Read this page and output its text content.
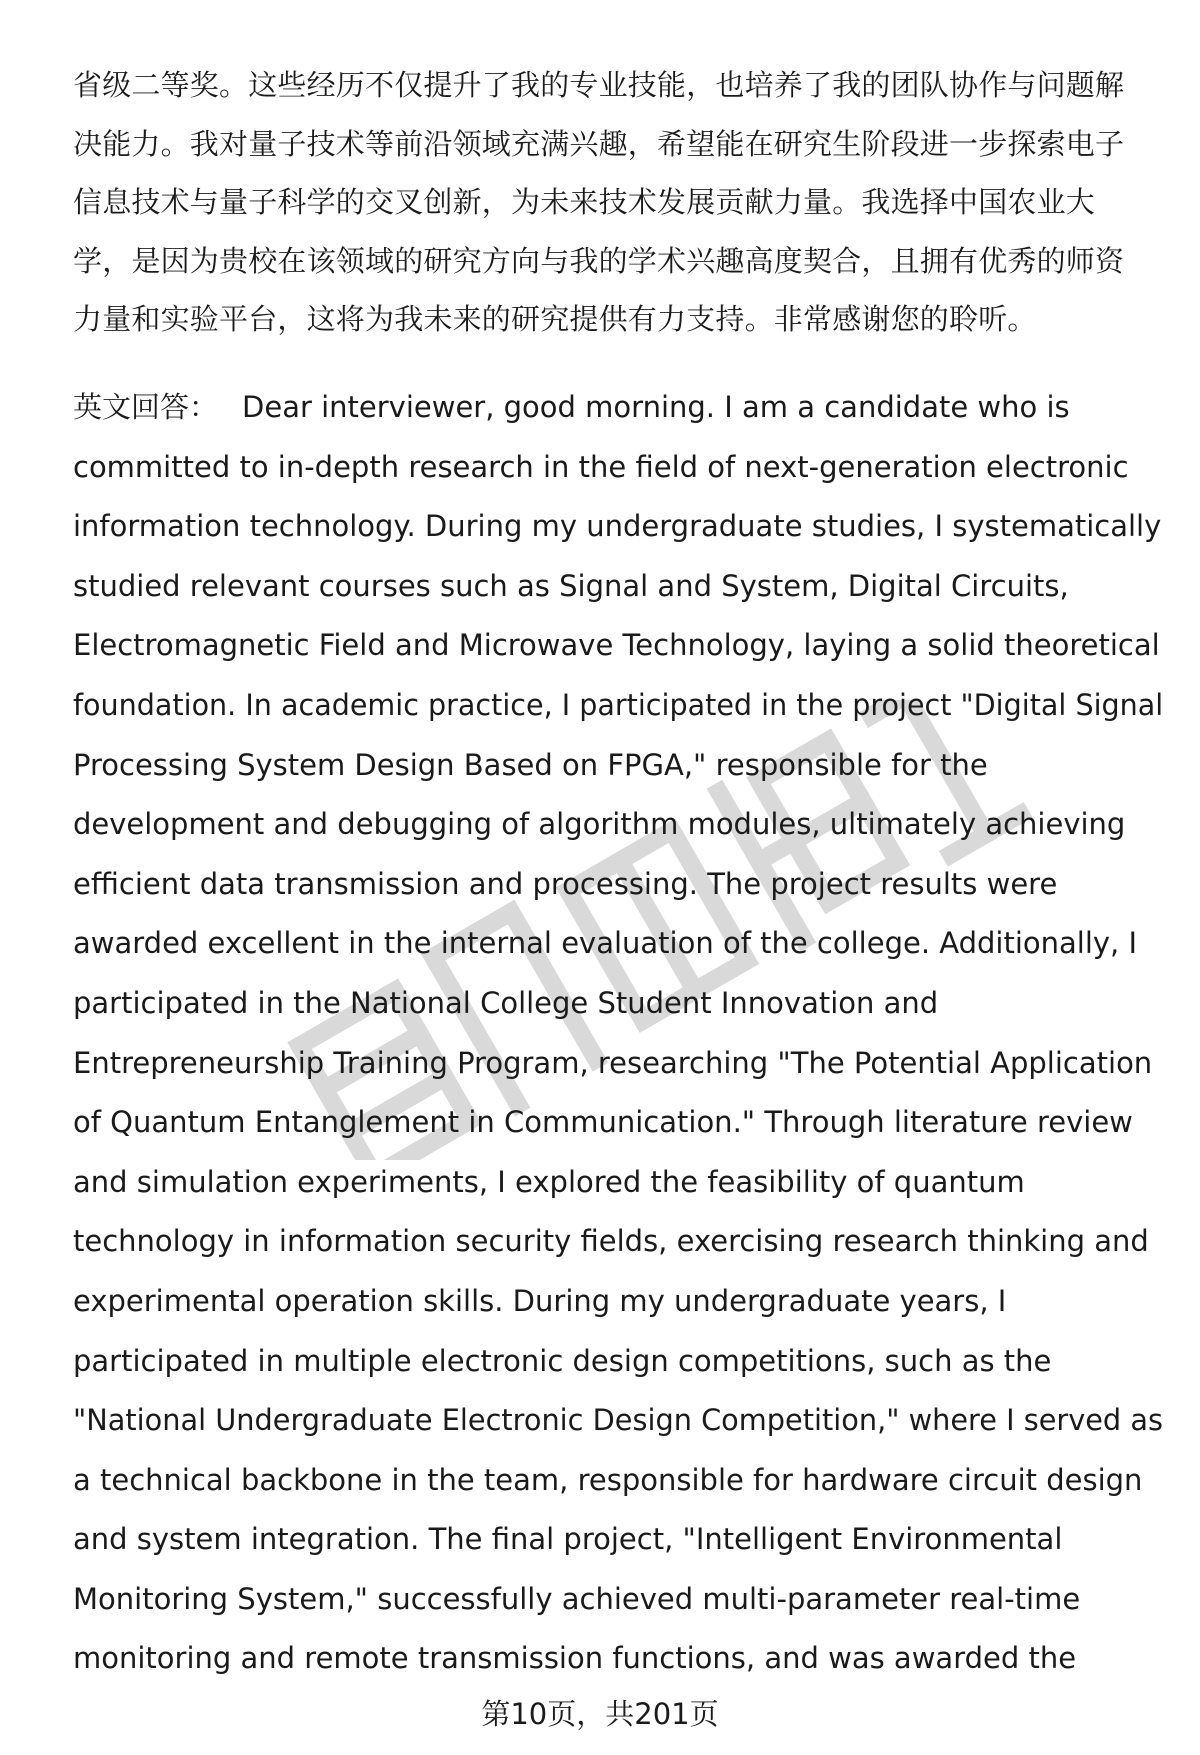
省级二等奖。这些经历不仅提升了我的专业技能，也培养了我的团队协作与问题解
决能力。我对量子技术等前沿领域充满兴趣，希望能在研究生阶段进一步探索电子
信息技术与量子科学的交叉创新，为未来技术发展贡献力量。我选择中国农业大
学，是因为贵校在该领域的研究方向与我的学术兴趣高度契合，且拥有优秀的师资
力量和实验平台，这将为我未来的研究提供有力支持。非常感谢您的聆听。
英文回答： Dear interviewer, good morning. I am a candidate who is
committed to in-depth research in the field of next-generation electronic
information technology. During my undergraduate studies, I systematically
studied relevant courses such as Signal and System, Digital Circuits,
Electromagnetic Field and Microwave Technology, laying a solid theoretical
foundation. In academic practice, I participated in the project "Digital Signal
Processing System Design Based on FPGA," responsible for the
development and debugging of algorithm modules, ultimately achieving
efficient data transmission and processing. The project results were
awarded excellent in the internal evaluation of the college. Additionally, I
participated in the National College Student Innovation and
Entrepreneurship Training Program, researching "The Potential Application
of Quantum Entanglement in Communication." Through literature review
and simulation experiments, I explored the feasibility of quantum
technology in information security fields, exercising research thinking and
experimental operation skills. During my undergraduate years, I
participated in multiple electronic design competitions, such as the
"National Undergraduate Electronic Design Competition," where I served as
a technical backbone in the team, responsible for hardware circuit design
and system integration. The final project, "Intelligent Environmental
Monitoring System," successfully achieved multi-parameter real-time
monitoring and remote transmission functions, and was awarded the
第10页，共201页
